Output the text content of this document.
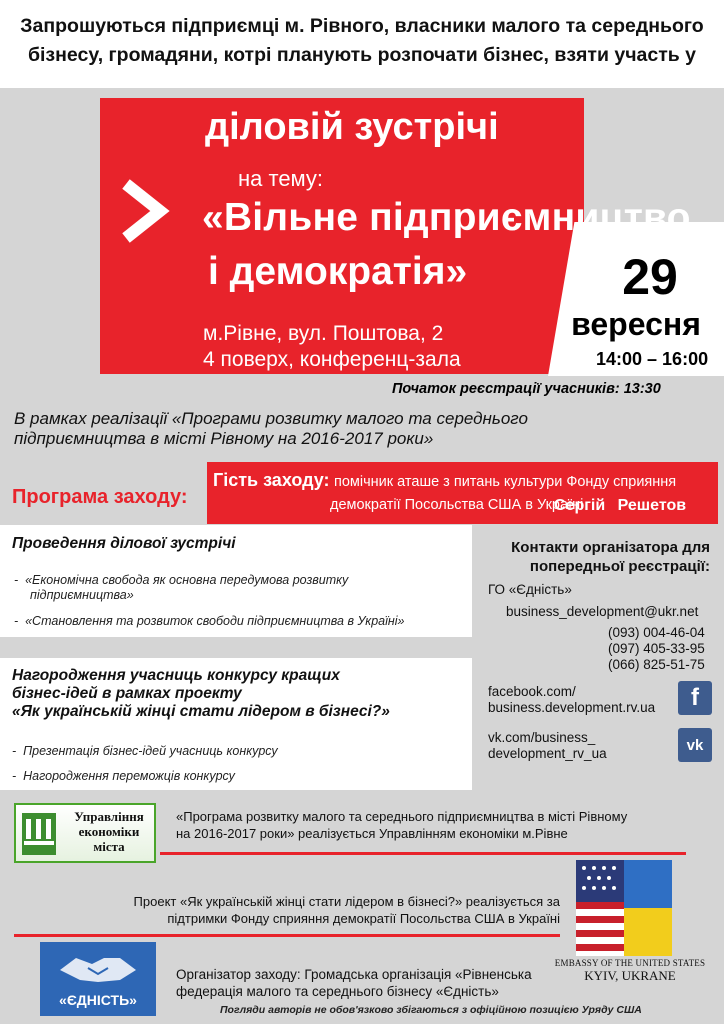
Запрошуються підприємці м. Рівного, власники малого та середнього бізнесу, громадяни, котрі планують розпочати бізнес, взяти участь у
діловій зустрічі
на тему:
«Вільне підприємництво
і демократія»
м.Рівне, вул. Поштова, 2
4 поверх, конференц-зала
29
вересня
14:00 – 16:00
Початок реєстрації учасників: 13:30
В рамках реалізації «Програми розвитку малого та середнього
підприємництва в місті Рівному на 2016-2017 роки»
Гість заходу: помічник аташе з питань культури Фонду сприяння
демократії Посольства США в Україні
Сергій Решетов
Програма заходу:
Проведення ділової зустрічі
-  «Економічна свобода як основна передумова розвитку
підприємництва»
-  «Становлення та розвиток свободи підприємництва в Україні»
Нагородження учасниць конкурсу кращих
бізнес-ідей в рамках проекту
«Як українській жінці стати лідером в бізнесі?»
-  Презентація бізнес-ідей учасниць конкурсу
-  Нагородження переможців конкурсу
Контакти організатора для
попередньої реєстрації:
ГО «Єдність»
business_development@ukr.net
(093) 004-46-04
(097) 405-33-95
(066) 825-51-75
facebook.com/
business.development.rv.ua	f
vk.com/business_
development_rv_ua	vk
Управління
економіки
міста
«Програма розвитку малого та середнього підприємництва в місті Рівному
на 2016-2017 роки» реалізується Управлінням економіки м.Рівне
EMBASSY OF THE UNITED STATES
KYIV, UKRANE
Проект «Як українській жінці стати лідером в бізнесі?» реалізується за
підтримки Фонду сприяння демократії Посольства США в Україні
«ЄДНІСТЬ»
Організатор заходу: Громадська організація «Рівненська
федерація малого та середнього бізнесу «Єдність»
Погляди авторів не обов'язково збігаються з офіційною позицією Уряду США
